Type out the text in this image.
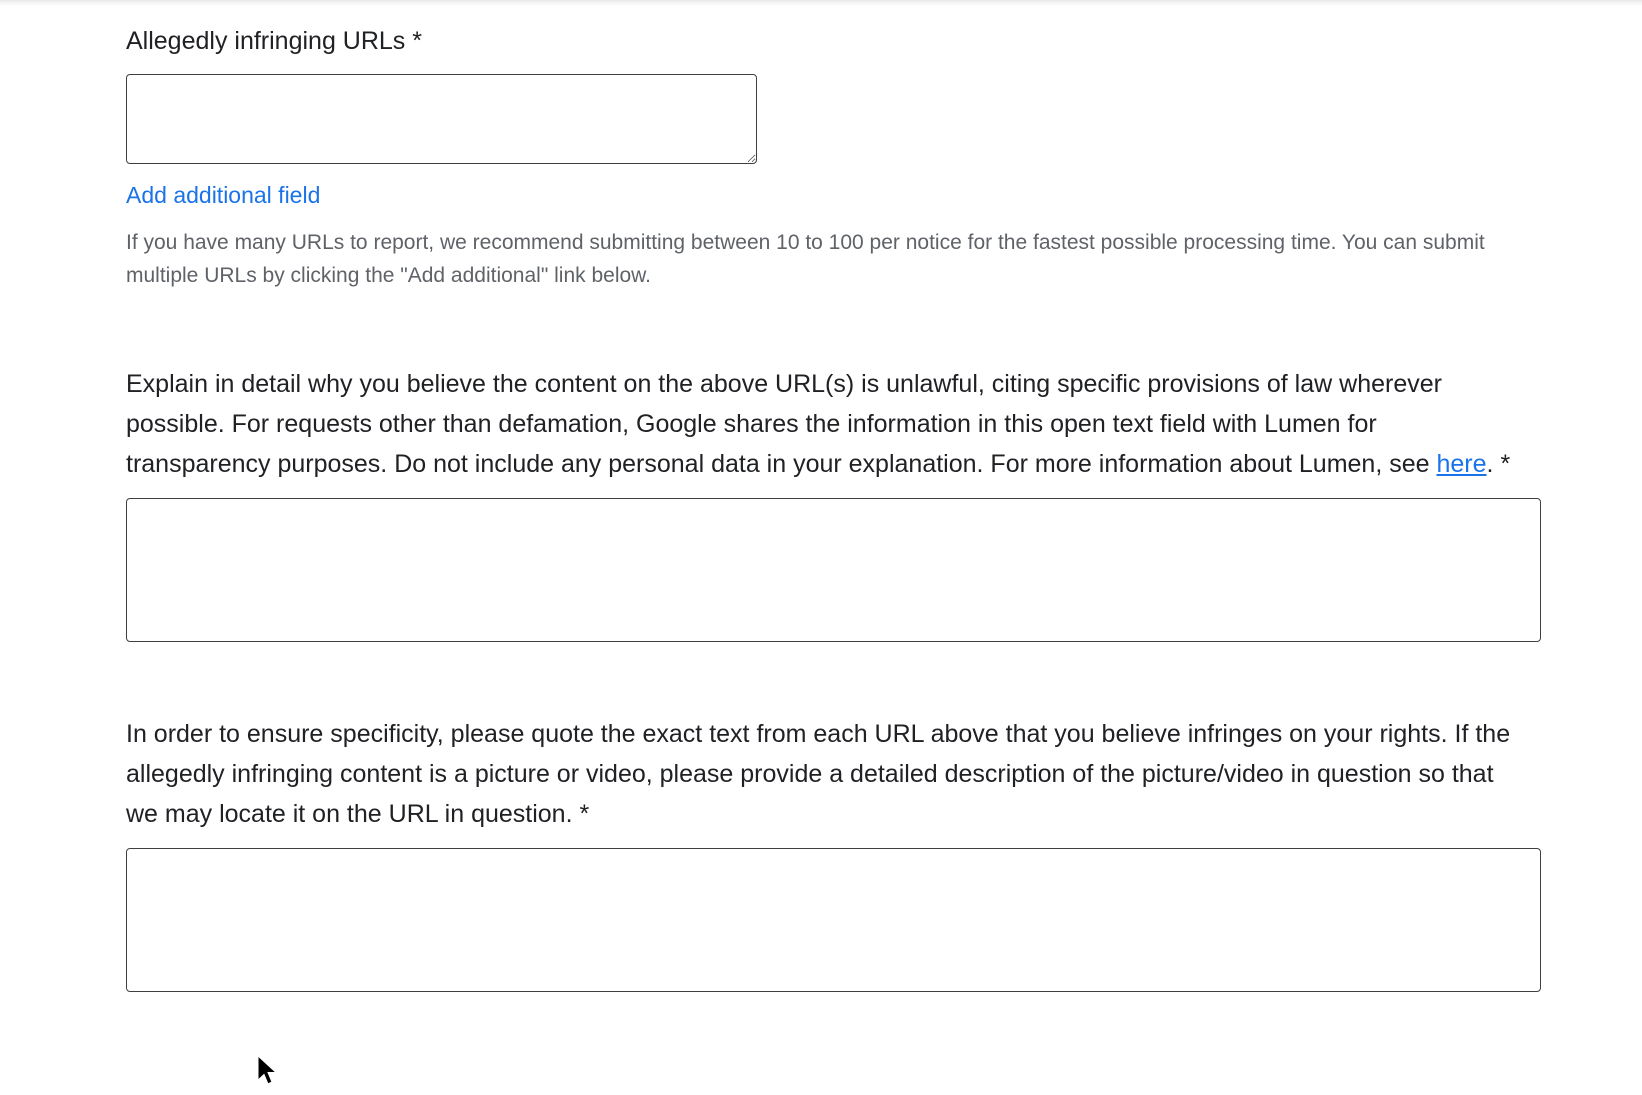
Allegedly infringing URLs *
Add additional field
If you have many URLs to report, we recommend submitting between 10 to 100 per notice for the fastest possible processing time. You can submit multiple URLs by clicking the "Add additional" link below.
Explain in detail why you believe the content on the above URL(s) is unlawful, citing specific provisions of law wherever possible. For requests other than defamation, Google shares the information in this open text field with Lumen for transparency purposes. Do not include any personal data in your explanation. For more information about Lumen, see here. *
In order to ensure specificity, please quote the exact text from each URL above that you believe infringes on your rights. If the allegedly infringing content is a picture or video, please provide a detailed description of the picture/video in question so that we may locate it on the URL in question. *
